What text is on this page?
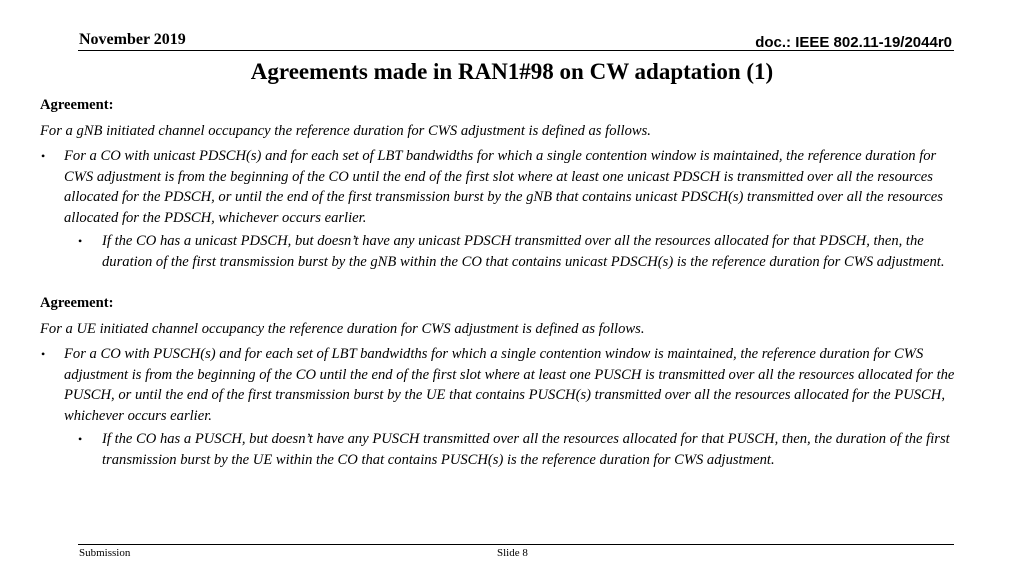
November 2019	doc.: IEEE 802.11-19/2044r0
Agreements made in RAN1#98 on CW adaptation (1)

Agreement:

For a gNB initiated channel occupancy the reference duration for CWS adjustment is defined as follows.

• For a CO with unicast PDSCH(s) and for each set of LBT bandwidths for which a single contention window is maintained, the reference duration for CWS adjustment is from the beginning of the CO until the end of the first slot where at least one unicast PDSCH is transmitted over all the resources allocated for the PDSCH, or until the end of the first transmission burst by the gNB that contains unicast PDSCH(s) transmitted over all the resources allocated for the PDSCH, whichever occurs earlier.
• If the CO has a unicast PDSCH, but doesn’t have any unicast PDSCH transmitted over all the resources allocated for that PDSCH, then, the duration of the first transmission burst by the gNB within the CO that contains unicast PDSCH(s) is the reference duration for CWS adjustment.

Agreement:

For a UE initiated channel occupancy the reference duration for CWS adjustment is defined as follows.

• For a CO with PUSCH(s) and for each set of LBT bandwidths for which a single contention window is maintained, the reference duration for CWS adjustment is from the beginning of the CO until the end of the first slot where at least one PUSCH is transmitted over all the resources allocated for the PUSCH, or until the end of the first transmission burst by the UE that contains PUSCH(s) transmitted over all the resources allocated for the PUSCH, whichever occurs earlier.
• If the CO has a PUSCH, but doesn’t have any PUSCH transmitted over all the resources allocated for that PUSCH, then, the duration of the first transmission burst by the UE within the CO that contains PUSCH(s) is the reference duration for CWS adjustment.
Submission	Slide 8
